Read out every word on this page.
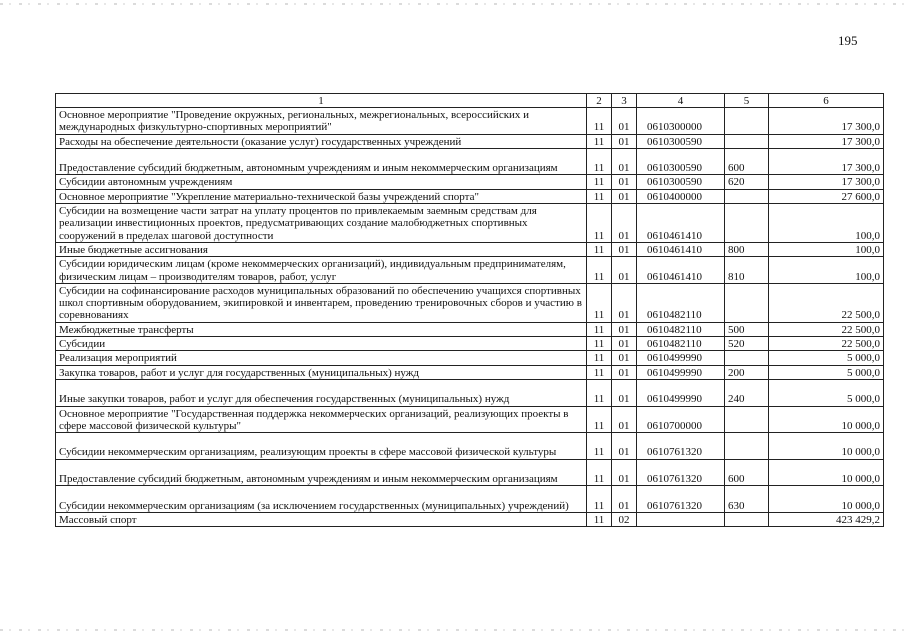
195
1	2	3	4	5	6
Основное мероприятие "Проведение окружных, региональных, межрегиональных, всероссийских и международных физкультурно-спортивных мероприятий"	11	01	0610300000		17 300,0
Расходы на обеспечение деятельности (оказание услуг) государственных учреждений	11	01	0610300590		17 300,0
Предоставление субсидий бюджетным, автономным учреждениям и иным некоммерческим организациям	11	01	0610300590	600	17 300,0
Субсидии автономным учреждениям	11	01	0610300590	620	17 300,0
Основное мероприятие "Укрепление материально-технической базы учреждений спорта"	11	01	0610400000		27 600,0
Субсидии на возмещение части затрат на уплату процентов по привлекаемым заемным средствам для реализации инвестиционных проектов, предусматривающих создание малобюджетных спортивных сооружений в пределах шаговой доступности	11	01	0610461410		100,0
Иные бюджетные ассигнования	11	01	0610461410	800	100,0
Субсидии юридическим лицам (кроме некоммерческих организаций), индивидуальным предпринимателям, физическим лицам – производителям товаров, работ, услуг	11	01	0610461410	810	100,0
Субсидии на софинансирование расходов муниципальных образований по обеспечению учащихся спортивных школ спортивным оборудованием, экипировкой и инвентарем, проведению тренировочных сборов и участию в соревнованиях	11	01	0610482110		22 500,0
Межбюджетные трансферты	11	01	0610482110	500	22 500,0
Субсидии	11	01	0610482110	520	22 500,0
Реализация мероприятий	11	01	0610499990		5 000,0
Закупка товаров, работ и услуг для государственных (муниципальных) нужд	11	01	0610499990	200	5 000,0
Иные закупки товаров, работ и услуг для обеспечения государственных (муниципальных) нужд	11	01	0610499990	240	5 000,0
Основное мероприятие "Государственная поддержка некоммерческих организаций, реализующих проекты в сфере массовой физической культуры"	11	01	0610700000		10 000,0
Субсидии некоммерческим организациям, реализующим проекты в сфере массовой физической культуры	11	01	0610761320		10 000,0
Предоставление субсидий бюджетным, автономным учреждениям и иным некоммерческим организациям	11	01	0610761320	600	10 000,0
Субсидии некоммерческим организациям (за исключением государственных (муниципальных) учреждений)	11	01	0610761320	630	10 000,0
Массовый спорт	11	02			423 429,2
